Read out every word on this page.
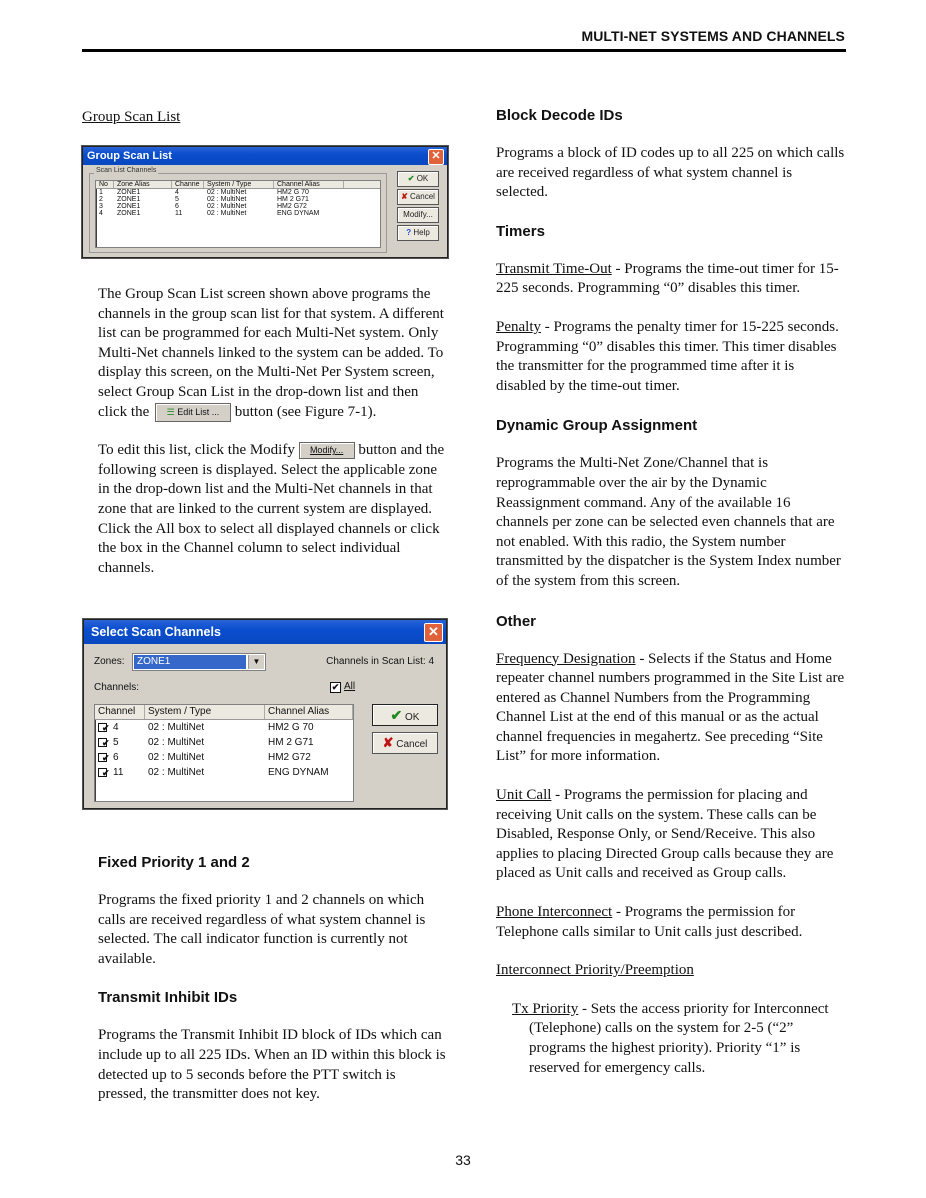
MULTI-NET SYSTEMS AND CHANNELS

Group Scan List

Group Scan List	✕
Scan List Channels
No	Zone Alias	Channe	System / Type	Channel Alias
1	ZONE1	4	02 : MultiNet	HM2 G 70
2	ZONE1	5	02 : MultiNet	HM 2 G71
3	ZONE1	6	02 : MultiNet	HM2 G72
4	ZONE1	11	02 : MultiNet	ENG DYNAM
✔ OK
✘ Cancel
Modify...
? Help

The Group Scan List screen shown above programs the channels in the group scan list for that system. A different list can be programmed for each Multi-Net system. Only Multi-Net channels linked to the system can be added. To display this screen, on the Multi-Net Per System screen, select Group Scan List in the drop-down list and then click the ☰ Edit List ... button (see Figure 7-1).

To edit this list, click the Modify Modify... button and the following screen is displayed. Select the applicable zone in the drop-down list and the Multi-Net channels in that zone that are linked to the current system are displayed. Click the All box to select all displayed channels or click the box in the Channel column to select individual channels.

Select Scan Channels	✕
Zones:	ZONE1	▼	Channels in Scan List: 4
Channels:	✔ All
Channel	System / Type	Channel Alias
✔ 4	02 : MultiNet	HM2 G 70
✔ 5	02 : MultiNet	HM 2 G71
✔ 6	02 : MultiNet	HM2 G72
✔ 11	02 : MultiNet	ENG DYNAM
✔ OK
✘ Cancel

Fixed Priority 1 and 2

Programs the fixed priority 1 and 2 channels on which calls are received regardless of what system channel is selected. The call indicator function is currently not available.

Transmit Inhibit IDs

Programs the Transmit Inhibit ID block of IDs which can include up to all 225 IDs. When an ID within this block is detected up to 5 seconds before the PTT switch is pressed, the transmitter does not key.

Block Decode IDs

Programs a block of ID codes up to all 225 on which calls are received regardless of what system channel is selected.

Timers

Transmit Time-Out - Programs the time-out timer for 15-225 seconds. Programming “0” disables this timer.

Penalty - Programs the penalty timer for 15-225 seconds. Programming “0” disables this timer. This timer disables the transmitter for the programmed time after it is disabled by the time-out timer.

Dynamic Group Assignment

Programs the Multi-Net Zone/Channel that is reprogrammable over the air by the Dynamic Reassignment command. Any of the available 16 channels per zone can be selected even channels that are not enabled. With this radio, the System number transmitted by the dispatcher is the System Index number of the system from this screen.

Other

Frequency Designation - Selects if the Status and Home repeater channel numbers programmed in the Site List are entered as Channel Numbers from the Programming Channel List at the end of this manual or as the actual channel frequencies in megahertz. See preceding “Site List” for more information.

Unit Call - Programs the permission for placing and receiving Unit calls on the system. These calls can be Disabled, Response Only, or Send/Receive. This also applies to placing Directed Group calls because they are placed as Unit calls and received as Group calls.

Phone Interconnect - Programs the permission for Telephone calls similar to Unit calls just described.

Interconnect Priority/Preemption

Tx Priority - Sets the access priority for Interconnect (Telephone) calls on the system for 2-5 (“2” programs the highest priority). Priority “1” is reserved for emergency calls.

33
